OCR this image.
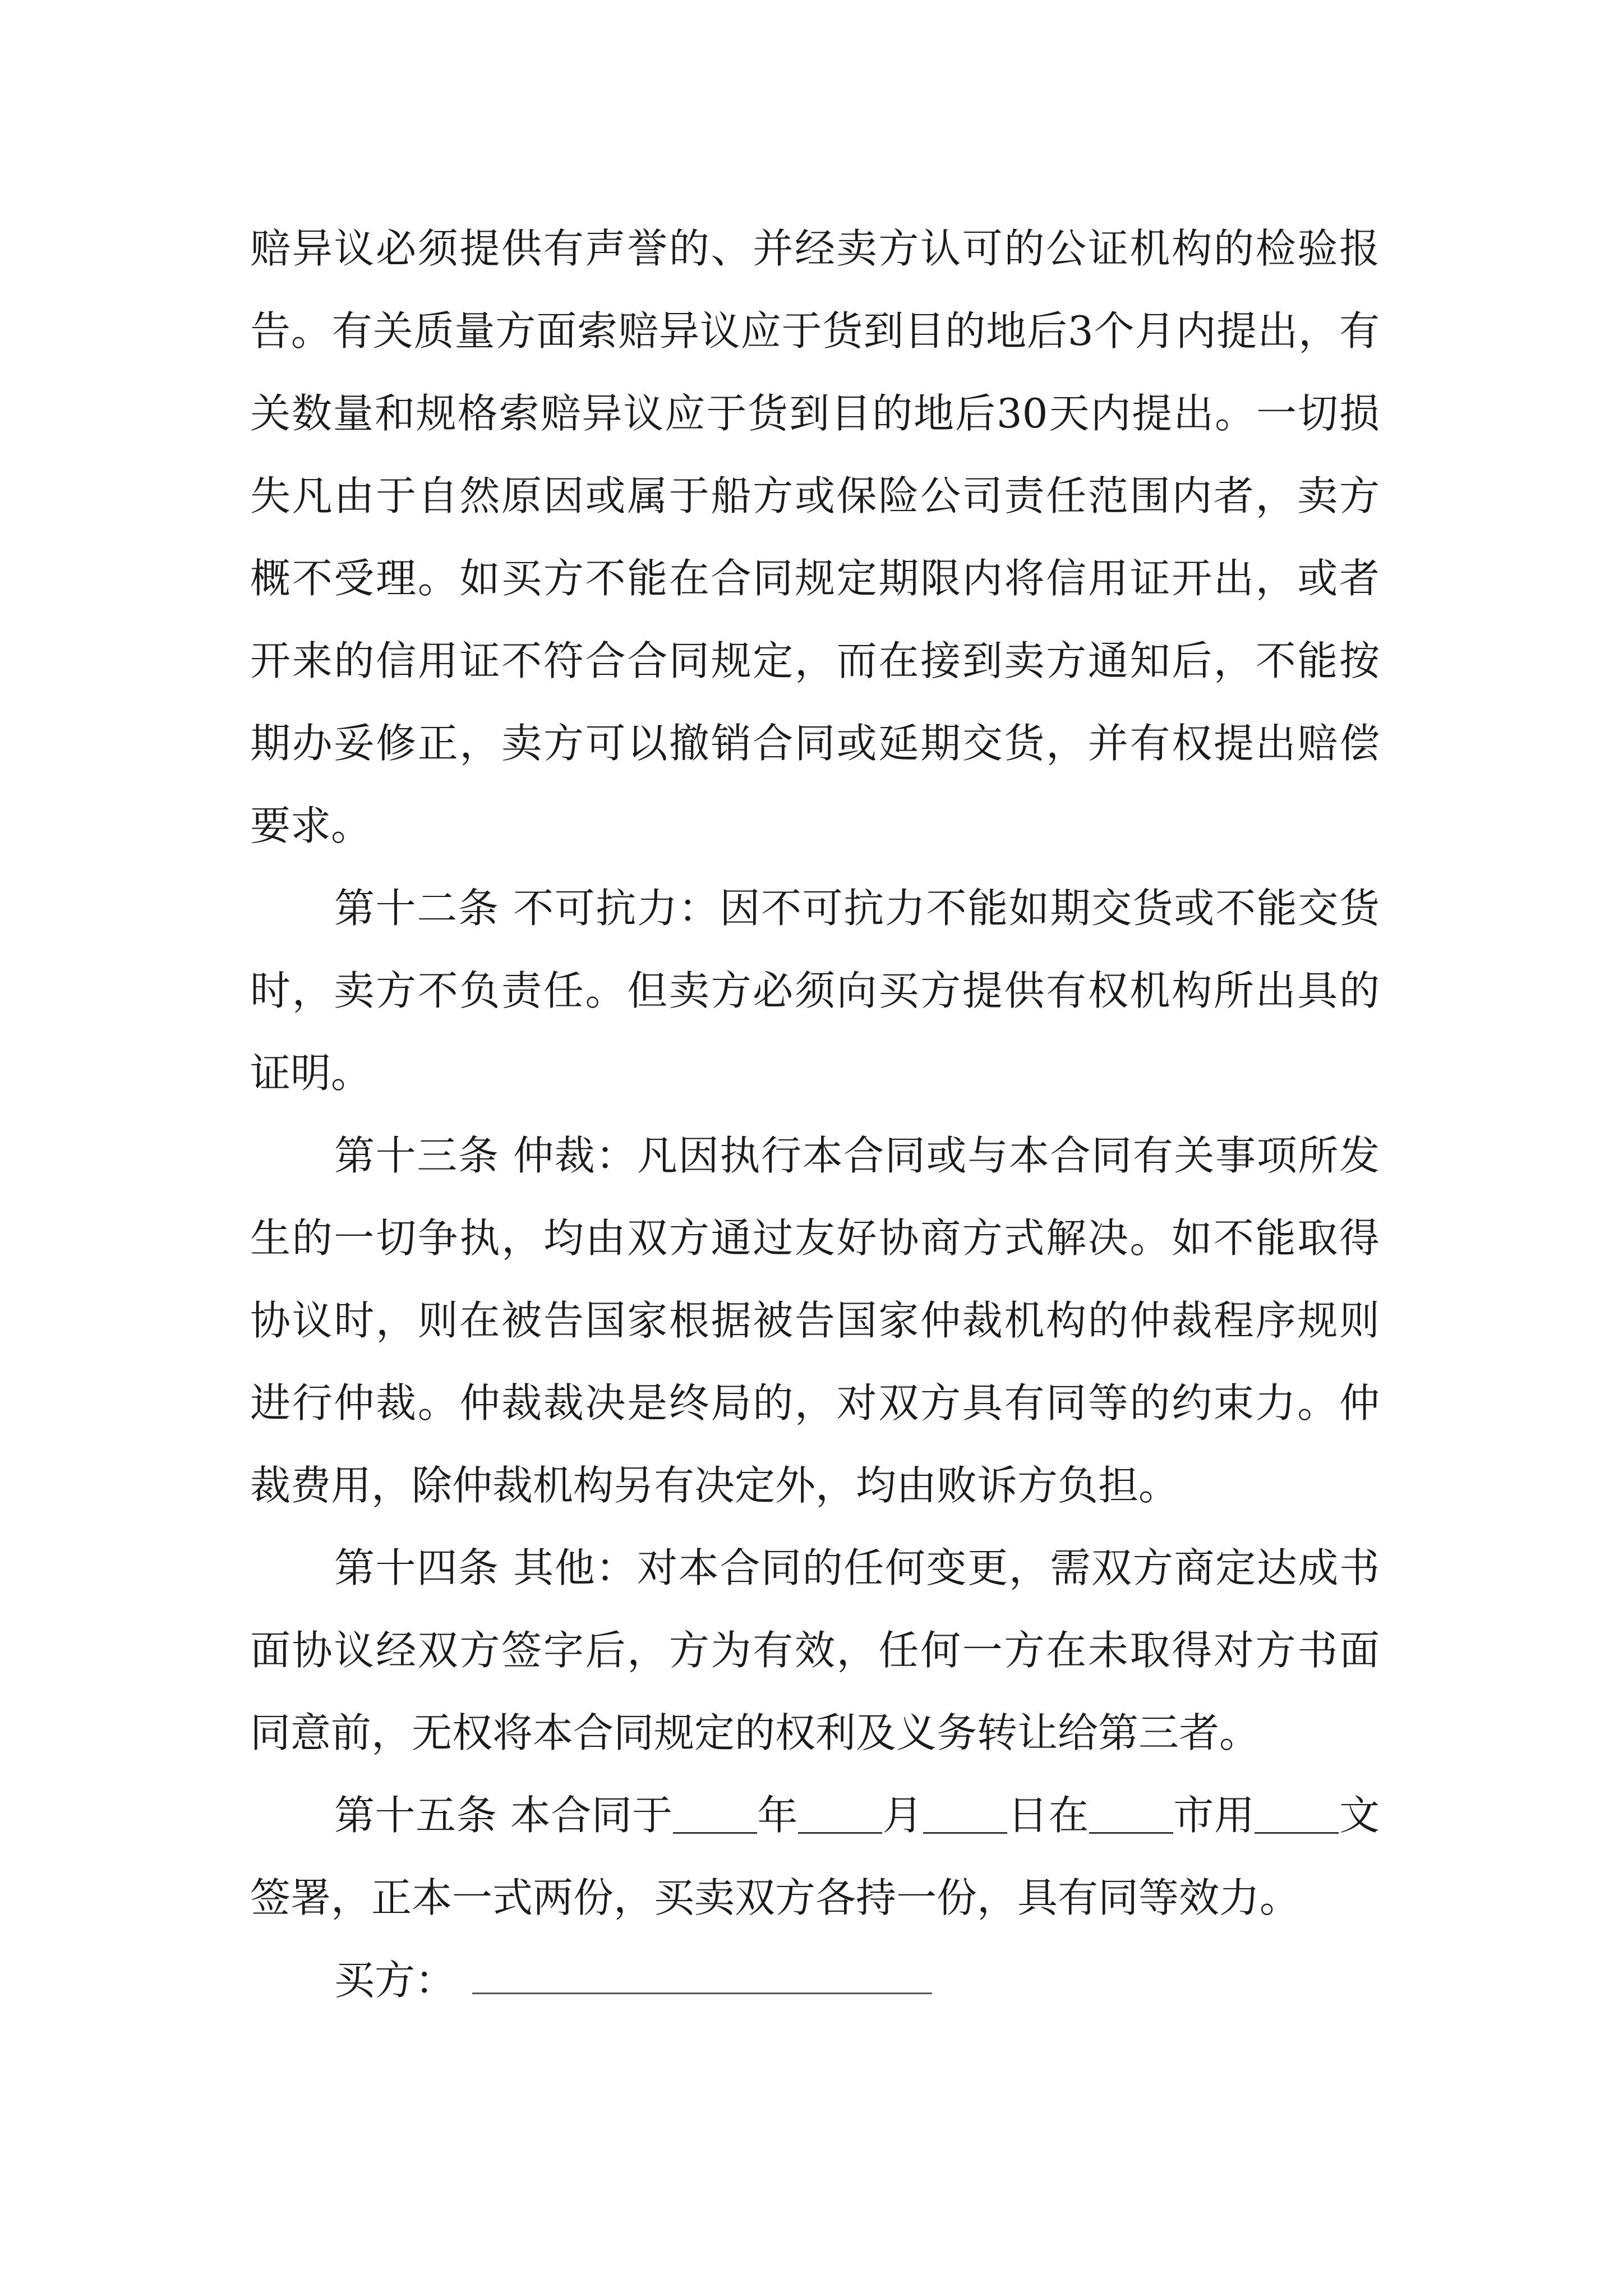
赔异议必须提供有声誉的、并经卖方认可的公证机构的检验报告。有关质量方面索赔异议应于货到目的地后3个月内提出，有关数量和规格索赔异议应于货到目的地后30天内提出。一切损失凡由于自然原因或属于船方或保险公司责任范围内者，卖方概不受理。如买方不能在合同规定期限内将信用证开出，或者开来的信用证不符合合同规定，而在接到卖方通知后，不能按期办妥修正，卖方可以撤销合同或延期交货，并有权提出赔偿要求。

第十二条 不可抗力：因不可抗力不能如期交货或不能交货时，卖方不负责任。但卖方必须向买方提供有权机构所出具的证明。

第十三条 仲裁：凡因执行本合同或与本合同有关事项所发生的一切争执，均由双方通过友好协商方式解决。如不能取得协议时，则在被告国家根据被告国家仲裁机构的仲裁程序规则进行仲裁。仲裁裁决是终局的，对双方具有同等的约束力。仲裁费用，除仲裁机构另有决定外，均由败诉方负担。

第十四条 其他：对本合同的任何变更，需双方商定达成书面协议经双方签字后，方为有效，任何一方在未取得对方书面同意前，无权将本合同规定的权利及义务转让给第三者。

第十五条 本合同于 年 月 日在 市用 文签署，正本一式两份，买卖双方各持一份，具有同等效力。

买方：
